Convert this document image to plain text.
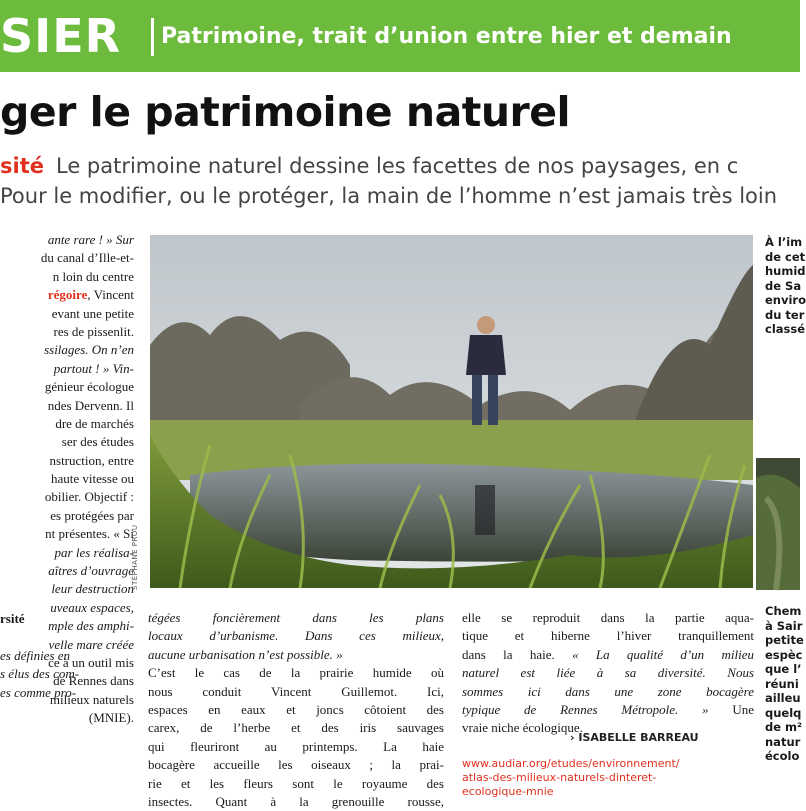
SIER Patrimoine, trait d’union entre hier et demain
ger le patrimoine naturel
sité Le patrimoine naturel dessine les facettes de nos paysages, en c
Pour le modifier, ou le protéger, la main de l’homme n’est jamais très loin
ante rare ! » Sur
du canal d’Ille-et-
n loin du centre
régoire, Vincent
evant une petite
res de pissenlit.
ssilages. On n’en
partout ! » Vin-
génieur écologue
ndes Dervenn. Il
dre de marchés
ser des études
nstruction, entre
haute vitesse ou
obilier. Objectif :
es protégées par
nt présentes. « Si
par les réalisa-
aîtres d’ouvrage
leur destruction
uveaux espaces,
mple des amphi-
velle mare créée
ce à un outil mis
de Rennes dans
milieux naturels
(MNIE).
rsité
es définies en
s élus des com-
es comme pro-
STÉPHANE PROU
tégées foncièrement dans les plans
locaux d’urbanisme. Dans ces milieux,
aucune urbanisation n’est possible. »
C’est le cas de la prairie humide où
nous conduit Vincent Guillemot. Ici,
espaces en eaux et joncs côtoient des
carex, de l’herbe et des iris sauvages
qui fleuriront au printemps. La haie
bocagère accueille les oiseaux ; la prai-
rie et les fleurs sont le royaume des
insectes. Quant à la grenouille rousse,
elle se reproduit dans la partie aqua-
tique et hiberne l’hiver tranquillement
dans la haie. « La qualité d’un milieu
naturel est liée à sa diversité. Nous
sommes ici dans une zone bocagère
typique de Rennes Métropole. » Une
vraie niche écologique.
› ISABELLE BARREAU
www.audiar.org/etudes/environnement/
atlas-des-milieux-naturels-dinteret-
ecologique-mnie
À l’im
de cet
humid
de Sa
enviro
du ter
classé
Chem
à Sair
petite
espèc
que l’
réuni
ailleu
quelq
de m²
natur
écolo
